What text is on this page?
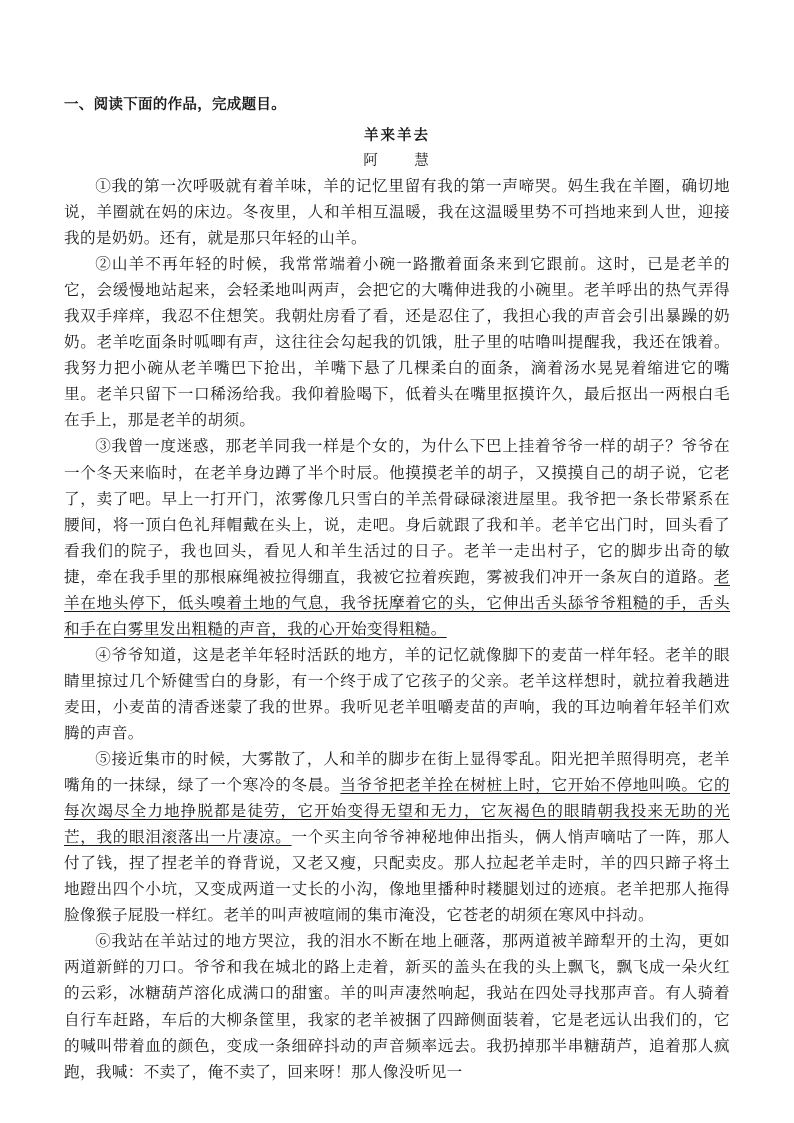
一、阅读下面的作品，完成题目。
羊来羊去
阿 慧

①我的第一次呼吸就有着羊味，羊的记忆里留有我的第一声啼哭。妈生我在羊圈，确切地说，羊圈就在妈的床边。冬夜里，人和羊相互温暖，我在这温暖里势不可挡地来到人世，迎接我的是奶奶。还有，就是那只年轻的山羊。

②山羊不再年轻的时候，我常常端着小碗一路撒着面条来到它跟前。这时，已是老羊的它，会缓慢地站起来，会轻柔地叫两声，会把它的大嘴伸进我的小碗里。老羊呼出的热气弄得我双手痒痒，我忍不住想笑。我朝灶房看了看，还是忍住了，我担心我的声音会引出暴躁的奶奶。老羊吃面条时呱唧有声，这往往会勾起我的饥饿，肚子里的咕噜叫提醒我，我还在饿着。我努力把小碗从老羊嘴巴下抢出，羊嘴下悬了几棵柔白的面条，滴着汤水晃晃着缩进它的嘴里。老羊只留下一口稀汤给我。我仰着脸喝下，低着头在嘴里抠摸许久，最后抠出一两根白毛在手上，那是老羊的胡须。

③我曾一度迷惑，那老羊同我一样是个女的，为什么下巴上挂着爷爷一样的胡子？爷爷在一个冬天来临时，在老羊身边蹲了半个时辰。他摸摸老羊的胡子，又摸摸自己的胡子说，它老了，卖了吧。早上一打开门，浓雾像几只雪白的羊羔骨碌碌滚进屋里。我爷把一条长带紧系在腰间，将一顶白色礼拜帽戴在头上，说，走吧。身后就跟了我和羊。老羊它出门时，回头看了看我们的院子，我也回头，看见人和羊生活过的日子。老羊一走出村子，它的脚步出奇的敏捷，牵在我手里的那根麻绳被拉得绷直，我被它拉着疾跑，雾被我们冲开一条灰白的道路。老羊在地头停下，低头嗅着土地的气息，我爷抚摩着它的头，它伸出舌头舔爷爷粗糙的手，舌头和手在白雾里发出粗糙的声音，我的心开始变得粗糙。

④爷爷知道，这是老羊年轻时活跃的地方，羊的记忆就像脚下的麦苗一样年轻。老羊的眼睛里掠过几个矫健雪白的身影，有一个终于成了它孩子的父亲。老羊这样想时，就拉着我趟进麦田，小麦苗的清香迷蒙了我的世界。我听见老羊咀嚼麦苗的声响，我的耳边响着年轻羊们欢腾的声音。

⑤接近集市的时候，大雾散了，人和羊的脚步在街上显得零乱。阳光把羊照得明亮，老羊嘴角的一抹绿，绿了一个寒冷的冬晨。当爷爷把老羊拴在树桩上时，它开始不停地叫唤。它的每次竭尽全力地挣脱都是徒劳，它开始变得无望和无力，它灰褐色的眼睛朝我投来无助的光芒，我的眼泪滚落出一片凄凉。一个买主向爷爷神秘地伸出指头，俩人悄声嘀咕了一阵，那人付了钱，捏了捏老羊的脊背说，又老又瘦，只配卖皮。那人拉起老羊走时，羊的四只蹄子将土地蹬出四个小坑，又变成两道一丈长的小沟，像地里播种时耧腿划过的迹痕。老羊把那人拖得脸像猴子屁股一样红。老羊的叫声被喧闹的集市淹没，它苍老的胡须在寒风中抖动。

⑥我站在羊站过的地方哭泣，我的泪水不断在地上砸落，那两道被羊蹄犁开的土沟，更如两道新鲜的刀口。爷爷和我在城北的路上走着，新买的盖头在我的头上飘飞，飘飞成一朵火红的云彩，冰糖葫芦溶化成满口的甜蜜。羊的叫声凄然响起，我站在四处寻找那声音。有人骑着自行车赶路，车后的大柳条筐里，我家的老羊被捆了四蹄侧面装着，它是老远认出我们的，它的喊叫带着血的颜色，变成一条细碎抖动的声音频率远去。我扔掉那半串糖葫芦，追着那人疯跑，我喊：不卖了，俺不卖了，回来呀！那人像没听见一
